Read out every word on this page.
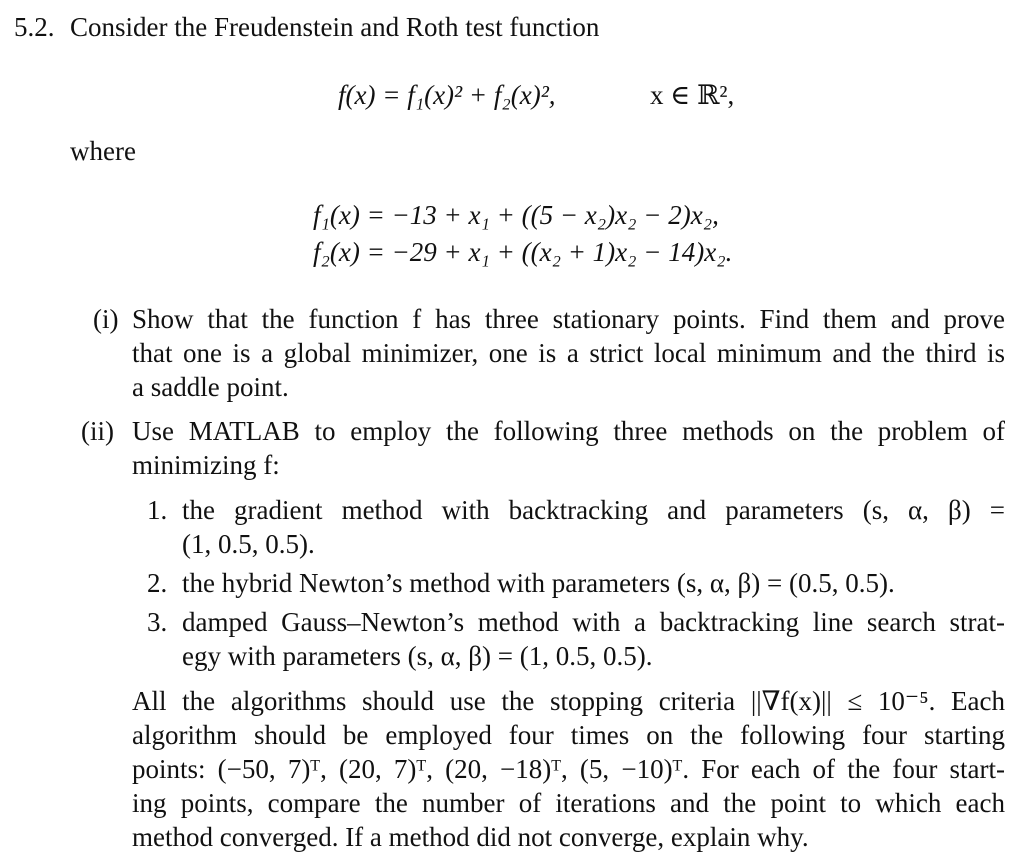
5.2. Consider the Freudenstein and Roth test function
f(x) = f₁(x)² + f₂(x)²,	x ∈ ℝ²,
where
f₁(x) = −13 + x₁ + ((5 − x₂)x₂ − 2)x₂,
f₂(x) = −29 + x₁ + ((x₂ + 1)x₂ − 14)x₂.
(i) Show that the function f has three stationary points. Find them and prove
that one is a global minimizer, one is a strict local minimum and the third is
a saddle point.
(ii) Use MATLAB to employ the following three methods on the problem of
minimizing f:
1. the gradient method with backtracking and parameters (s, α, β) =
(1, 0.5, 0.5).
2. the hybrid Newton’s method with parameters (s, α, β) = (0.5, 0.5).
3. damped Gauss–Newton’s method with a backtracking line search strat-
egy with parameters (s, α, β) = (1, 0.5, 0.5).
All the algorithms should use the stopping criteria ||∇f(x)|| ≤ 10⁻⁵. Each
algorithm should be employed four times on the following four starting
points: (−50, 7)ᵀ, (20, 7)ᵀ, (20, −18)ᵀ, (5, −10)ᵀ. For each of the four start-
ing points, compare the number of iterations and the point to which each
method converged. If a method did not converge, explain why.
